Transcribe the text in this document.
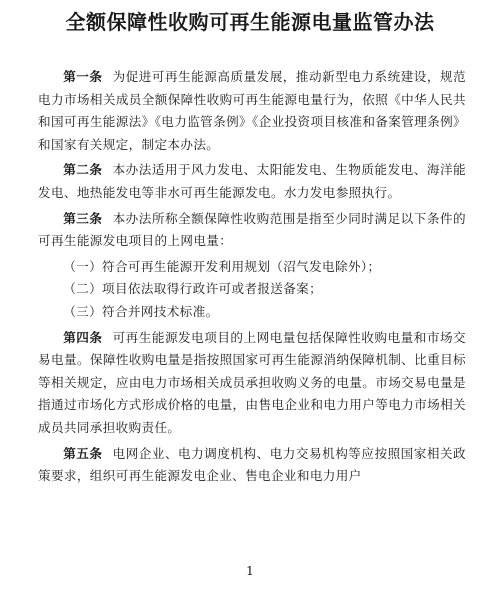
全额保障性收购可再生能源电量监管办法

第一条 为促进可再生能源高质量发展，推动新型电力系统建设，规范电力市场相关成员全额保障性收购可再生能源电量行为，依照《中华人民共和国可再生能源法》《电力监管条例》《企业投资项目核准和备案管理条例》和国家有关规定，制定本办法。

第二条 本办法适用于风力发电、太阳能发电、生物质能发电、海洋能发电、地热能发电等非水可再生能源发电。水力发电参照执行。

第三条 本办法所称全额保障性收购范围是指至少同时满足以下条件的可再生能源发电项目的上网电量：

（一）符合可再生能源开发利用规划（沼气发电除外）；

（二）项目依法取得行政许可或者报送备案；

（三）符合并网技术标准。

第四条 可再生能源发电项目的上网电量包括保障性收购电量和市场交易电量。保障性收购电量是指按照国家可再生能源消纳保障机制、比重目标等相关规定，应由电力市场相关成员承担收购义务的电量。市场交易电量是指通过市场化方式形成价格的电量，由售电企业和电力用户等电力市场相关成员共同承担收购责任。

第五条 电网企业、电力调度机构、电力交易机构等应按照国家相关政策要求，组织可再生能源发电企业、售电企业和电力用户

1
